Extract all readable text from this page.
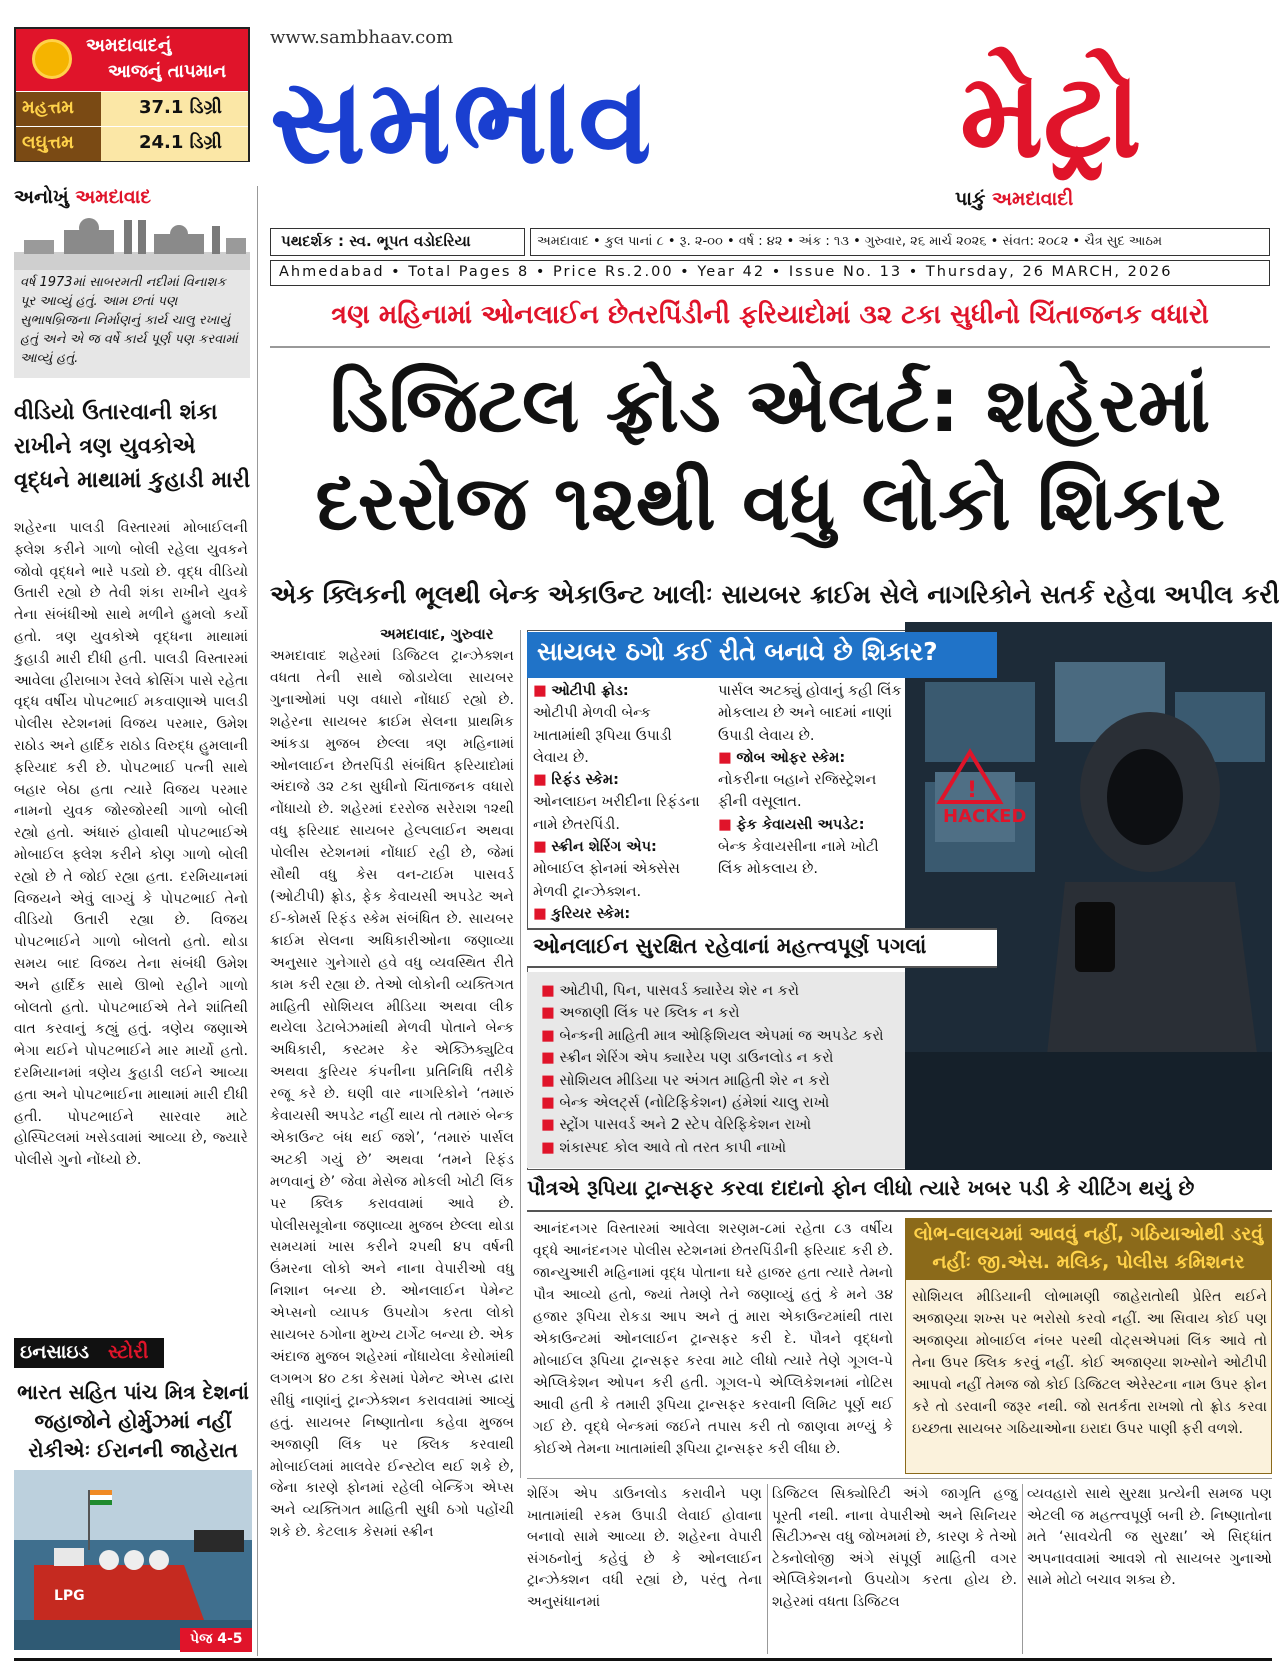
અમદાવાદનું
આજનું તાપમાન
મહત્તમ	37.1 ડિગ્રી
લઘુત્તમ	24.1 ડિગ્રી
અનોખું અમદાવાદ
વર્ષ 1973માં સાબરમતી નદીમાં વિનાશક પૂર આવ્યું હતું. આમ છતાં પણ સુભાષબ્રિજના નિર્માણનું કાર્ય ચાલુ રખાયું હતું અને એ જ વર્ષે કાર્ય પૂર્ણ પણ કરવામાં આવ્યું હતું.
વીડિયો ઉતારવાની શંકા રાખીને ત્રણ યુવકોએ વૃદ્ધને માથામાં કુહાડી મારી
શહેરના પાલડી વિસ્તારમાં મોબાઈલની ફ્લેશ કરીને ગાળો બોલી રહેલા યુવકને જોવો વૃદ્ધને ભારે પડ્યો છે. વૃદ્ધ વીડિયો ઉતારી રહ્યો છે તેવી શંકા રાખીને યુવકે તેના સંબંધીઓ સાથે મળીને હુમલો કર્યો હતો. ત્રણ યુવકોએ વૃદ્ધના માથામાં કુહાડી મારી દીધી હતી. પાલડી વિસ્તારમાં આવેલા હીરાબાગ રેલવે ક્રોસિંગ પાસે રહેતા વૃદ્ધ વર્ષીય પોપટભાઈ મકવાણાએ પાલડી પોલીસ સ્ટેશનમાં વિજય પરમાર, ઉમેશ રાઠોડ અને હાર્દિક રાઠોડ વિરુદ્ધ હુમલાની ફરિયાદ કરી છે. પોપટભાઈ પત્ની સાથે બહાર બેઠા હતા ત્યારે વિજય પરમાર નામનો યુવક જોરજોરથી ગાળો બોલી રહ્યો હતો. અંધારું હોવાથી પોપટભાઈએ મોબાઈલ ફ્લેશ કરીને કોણ ગાળો બોલી રહ્યો છે તે જોઈ રહ્યા હતા. દરમિયાનમાં વિજયને એવું લાગ્યું કે પોપટભાઈ તેનો વીડિયો ઉતારી રહ્યા છે. વિજય પોપટભાઈને ગાળો બોલતો હતો. થોડા સમય બાદ વિજય તેના સંબંધી ઉમેશ અને હાર્દિક સાથે ઊભો રહીને ગાળો બોલતો હતો. પોપટભાઈએ તેને શાંતિથી વાત કરવાનું કહ્યું હતું. ત્રણેય જણાએ ભેગા થઈને પોપટભાઈને માર માર્યો હતો. દરમિયાનમાં ત્રણેય કુહાડી લઈને આવ્યા હતા અને પોપટભાઈના માથામાં મારી દીધી હતી. પોપટભાઈને સારવાર માટે હોસ્પિટલમાં ખસેડવામાં આવ્યા છે, જ્યારે પોલીસે ગુનો નોંધ્યો છે.
ઇનસાઇડ સ્ટોરી
ભારત સહિત પાંચ મિત્ર દેશનાં જહાજોને હોર્મુઝમાં નહીં રોકીએઃ ઈરાનની જાહેરાત
LPG
પેજ 4-5
www.sambhaav.com
સમભાવ	મેટ્રો
પાકું અમદાવાદી
પથદર્શક : સ્વ. ભૂપત વડોદરિયા	અમદાવાદ • કુલ પાનાં ૮ • રૂ. ૨-૦૦ • વર્ષ : ૪૨ • અંક : ૧૩ • ગુરુવાર, ૨૬ માર્ચ ૨૦૨૬ • સંવત: ૨૦૮૨ • ચૈત્ર સુદ આઠમ
Ahmedabad • Total Pages 8 • Price Rs.2.00 • Year 42 • Issue No. 13 • Thursday, 26 MARCH, 2026
ત્રણ મહિનામાં ઓનલાઈન છેતરપિંડીની ફરિયાદોમાં ૩૨ ટકા સુધીનો ચિંતાજનક વધારો
ડિજિટલ ફ્રોડ એલર્ટ: શહેરમાં
દરરોજ ૧૨થી વધુ લોકો શિકાર
એક ક્લિકની ભૂલથી બેન્ક એકાઉન્ટ ખાલીઃ સાયબર ક્રાઈમ સેલે નાગરિકોને સતર્ક રહેવા અપીલ કરી
અમદાવાદ, ગુરુવાર
અમદાવાદ શહેરમાં ડિજિટલ ટ્રાન્ઝેક્શન વધતા તેની સાથે જોડાયેલા સાયબર ગુનાઓમાં પણ વધારો નોંધાઈ રહ્યો છે. શહેરના સાયબર ક્રાઈમ સેલના પ્રાથમિક આંકડા મુજબ છેલ્લા ત્રણ મહિનામાં ઓનલાઈન છેતરપિંડી સંબંધિત ફરિયાદોમાં અંદાજે ૩૨ ટકા સુધીનો ચિંતાજનક વધારો નોંધાયો છે. શહેરમાં દરરોજ સરેરાશ ૧૨થી વધુ ફરિયાદ સાયબર હેલ્પલાઈન અથવા પોલીસ સ્ટેશનમાં નોંધાઈ રહી છે, જેમાં સૌથી વધુ કેસ વન-ટાઈમ પાસવર્ડ (ઓટીપી) ફ્રોડ, ફેક કેવાયસી અપડેટ અને ઈ-કોમર્સ રિફંડ સ્કેમ સંબંધિત છે. સાયબર ક્રાઈમ સેલના અધિકારીઓના જણાવ્યા અનુસાર ગુનેગારો હવે વધુ વ્યવસ્થિત રીતે કામ કરી રહ્યા છે. તેઓ લોકોની વ્યક્તિગત માહિતી સોશિયલ મીડિયા અથવા લીક થયેલા ડેટાબેઝમાંથી મેળવી પોતાને બેન્ક અધિકારી, કસ્ટમર કેર એક્ઝિક્યુટિવ અથવા કુરિયર કંપનીના પ્રતિનિધિ તરીકે રજૂ કરે છે. ઘણી વાર નાગરિકોને ‘તમારું કેવાયસી અપડેટ નહીં થાય તો તમારું બેન્ક એકાઉન્ટ બંધ થઈ જશે’, ‘તમારું પાર્સલ અટકી ગયું છે’ અથવા ‘તમને રિફંડ મળવાનું છે’ જેવા મેસેજ મોકલી ખોટી લિંક પર ક્લિક કરાવવામાં આવે છે. પોલીસસૂત્રોના જણાવ્યા મુજબ છેલ્લા થોડા સમયમાં ખાસ કરીને ૨૫થી ૪૫ વર્ષની ઉંમરના લોકો અને નાના વેપારીઓ વધુ નિશાન બન્યા છે. ઓનલાઈન પેમેન્ટ એપ્સનો વ્યાપક ઉપયોગ કરતા લોકો સાયબર ઠગોના મુખ્ય ટાર્ગેટ બન્યા છે. એક અંદાજ મુજબ શહેરમાં નોંધાયેલા કેસોમાંથી લગભગ ૪૦ ટકા કેસમાં પેમેન્ટ એપ્સ દ્વારા સીધું નાણાંનું ટ્રાન્ઝેક્શન કરાવવામાં આવ્યું હતું. સાયબર નિષ્ણાતોના કહેવા મુજબ અજાણી લિંક પર ક્લિક કરવાથી મોબાઈલમાં માલવેર ઈન્સ્ટોલ થઈ શકે છે, જેના કારણે ફોનમાં રહેલી બેન્કિંગ એપ્સ અને વ્યક્તિગત માહિતી સુધી ઠગો પહોંચી શકે છે. કેટલાક કેસમાં સ્ક્રીન
!
HACKED
સાયબર ઠગો કઈ રીતે બનાવે છે શિકાર?
■ ઓટીપી ફ્રોડ:
ઓટીપી મેળવી બેન્ક ખાતામાંથી રૂપિયા ઉપાડી લેવાય છે.
■ રિફંડ સ્કેમ:
ઓનલાઇન ખરીદીના રિફંડના નામે છેતરપિંડી.
■ સ્ક્રીન શેરિંગ એપ:
મોબાઈલ ફોનમાં એક્સેસ મેળવી ટ્રાન્ઝેક્શન.
■ કુરિયર સ્કેમ:
પાર્સલ અટક્યું હોવાનું કહી લિંક મોકલાય છે અને બાદમાં નાણાં ઉપાડી લેવાય છે.
■ જોબ ઓફર સ્કેમ:
નોકરીના બહાને રજિસ્ટ્રેશન ફીની વસૂલાત.
■ ફેક કેવાયસી અપડેટ:
બેન્ક કેવાયસીના નામે ખોટી લિંક મોકલાય છે.
ઓનલાઈન સુરક્ષિત રહેવાનાં મહત્ત્વપૂર્ણ પગલાં
■ ઓટીપી, પિન, પાસવર્ડ ક્યારેય શેર ન કરો
■ અજાણી લિંક પર ક્લિક ન કરો
■ બેન્કની માહિતી માત્ર ઓફિશિયલ એપમાં જ અપડેટ કરો
■ સ્ક્રીન શેરિંગ એપ ક્યારેય પણ ડાઉનલોડ ન કરો
■ સોશિયલ મીડિયા પર અંગત માહિતી શેર ન કરો
■ બેન્ક એલર્ટ્સ (નોટિફિકેશન) હંમેશાં ચાલુ રાખો
■ સ્ટ્રોંગ પાસવર્ડ અને 2 સ્ટેપ વેરિફિકેશન રાખો
■ શંકાસ્પદ કોલ આવે તો તરત કાપી નાખો
પૌત્રએ રૂપિયા ટ્રાન્સફર કરવા દાદાનો ફોન લીધો ત્યારે ખબર પડી કે ચીટિંગ થયું છે
આનંદનગર વિસ્તારમાં આવેલા શરણમ-૮માં રહેતા ૮૩ વર્ષીય વૃદ્ધે આનંદનગર પોલીસ સ્ટેશનમાં છેતરપિંડીની ફરિયાદ કરી છે. જાન્યુઆરી મહિનામાં વૃદ્ધ પોતાના ઘરે હાજર હતા ત્યારે તેમનો પૌત્ર આવ્યો હતો, જ્યાં તેમણે તેને જણાવ્યું હતું કે મને ૩૪ હજાર રૂપિયા રોકડા આપ અને તું મારા એકાઉન્ટમાંથી તારા એકાઉન્ટમાં ઓનલાઈન ટ્રાન્સફર કરી દે. પૌત્રને વૃદ્ધનો મોબાઈલ રૂપિયા ટ્રાન્સફર કરવા માટે લીધો ત્યારે તેણે ગૂગલ-પે એપ્લિકેશન ઓપન કરી હતી. ગૂગલ-પે એપ્લિકેશનમાં નોટિસ આવી હતી કે તમારી રૂપિયા ટ્રાન્સફર કરવાની લિમિટ પૂર્ણ થઈ ગઈ છે. વૃદ્ધે બેન્કમાં જઈને તપાસ કરી તો જાણવા મળ્યું કે કોઈએ તેમના ખાતામાંથી રૂપિયા ટ્રાન્સફર કરી લીધા છે.
લોભ-લાલચમાં આવવું નહીં, ગઠિયાઓથી ડરવું નહીંઃ જી.એસ. મલિક, પોલીસ કમિશનર
સોશિયલ મીડિયાની લોભામણી જાહેરાતોથી પ્રેરિત થઈને અજાણ્યા શખ્સ પર ભરોસો કરવો નહીં. આ સિવાય કોઈ પણ અજાણ્યા મોબાઈલ નંબર પરથી વોટ્સએપમાં લિંક આવે તો તેના ઉપર ક્લિક કરવું નહીં. કોઈ અજાણ્યા શખ્સોને ઓટીપી આપવો નહીં તેમજ જો કોઈ ડિજિટલ એરેસ્ટના નામ ઉપર ફોન કરે તો ડરવાની જરૂર નથી. જો સતર્કતા રાખશો તો ફ્રોડ કરવા ઇચ્છતા સાયબર ગઠિયાઓના ઇરાદા ઉપર પાણી ફરી વળશે.
શેરિંગ એપ ડાઉનલોડ કરાવીને પણ ખાતામાંથી રકમ ઉપાડી લેવાઈ હોવાના બનાવો સામે આવ્યા છે. શહેરના વેપારી સંગઠનોનું કહેવું છે કે ઓનલાઈન ટ્રાન્ઝેક્શન વધી રહ્યાં છે, પરંતુ તેના અનુસંધાનમાં
ડિજિટલ સિક્યોરિટી અંગે જાગૃતિ હજુ પૂરતી નથી. નાના વેપારીઓ અને સિનિયર સિટીઝન્સ વધુ જોખમમાં છે, કારણ કે તેઓ ટેક્નોલોજી અંગે સંપૂર્ણ માહિતી વગર એપ્લિકેશનનો ઉપયોગ કરતા હોય છે. શહેરમાં વધતા ડિજિટલ
વ્યવહારો સાથે સુરક્ષા પ્રત્યેની સમજ પણ એટલી જ મહત્ત્વપૂર્ણ બની છે. નિષ્ણાતોના મતે ‘સાવચેતી જ સુરક્ષા’ એ સિદ્ધાંત અપનાવવામાં આવશે તો સાયબર ગુનાઓ સામે મોટો બચાવ શક્ય છે.
